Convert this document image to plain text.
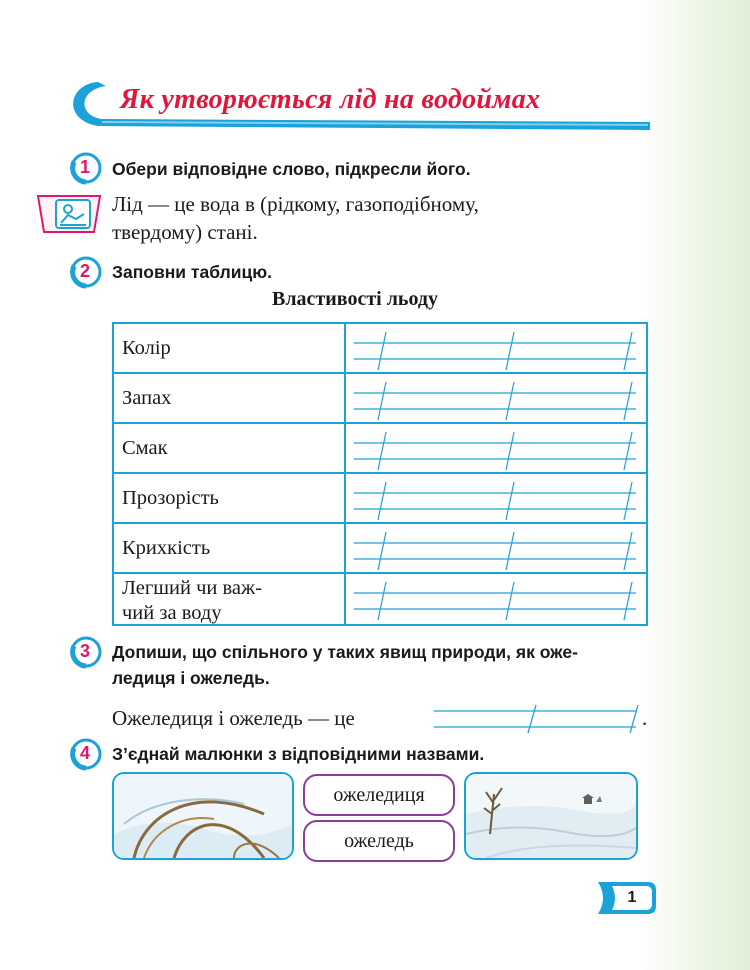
Як утворюється лід на водоймах
1	Обери відповідне слово, підкресли його.
Лід — це вода в (рідкому, газоподібному,
твердому) стані.
2	Заповни таблицю.
Властивості льоду
Колір
Запах
Смак
Прозорість
Крихкість
Легший чи важ-
чий за воду
3	Допиши, що спільного у таких явищ природи, як оже-
ледиця і ожеледь.
Ожеледиця і ожеледь — це	.
4	З’єднай малюнки з відповідними назвами.
ожеледиця
ожеледь
1
